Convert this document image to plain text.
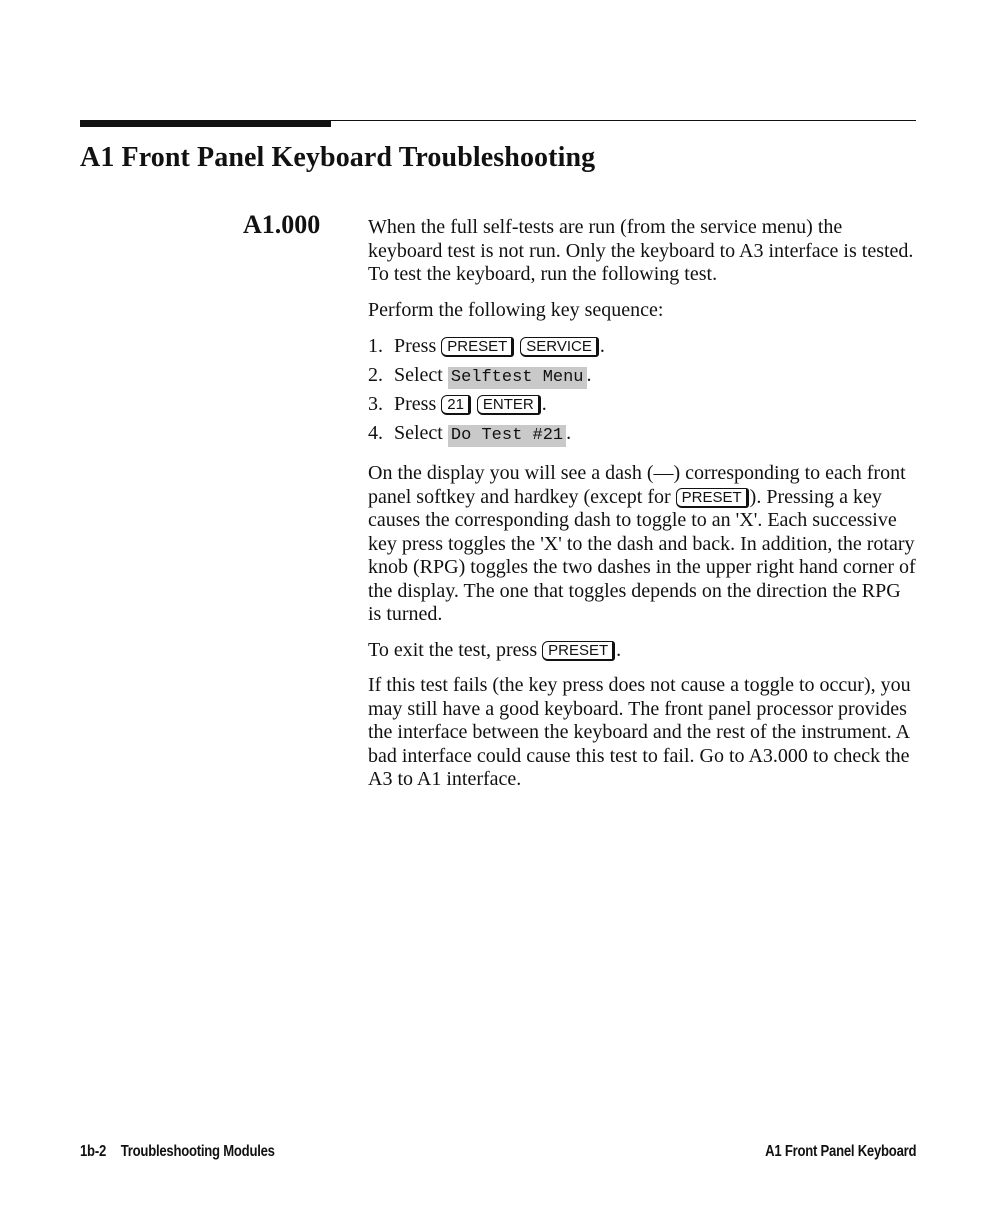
A1 Front Panel Keyboard Troubleshooting
A1.000 When the full self-tests are run (from the service menu) the keyboard test is not run. Only the keyboard to A3 interface is tested. To test the keyboard, run the following test.

Perform the following key sequence:

1. Press PRESET SERVICE .
2. Select Selftest Menu .
3. Press 21 ENTER .
4. Select Do Test #21 .

On the display you will see a dash (—) corresponding to each front panel softkey and hardkey (except for PRESET ). Pressing a key causes the corresponding dash to toggle to an 'X'. Each successive key press toggles the 'X' to the dash and back. In addition, the rotary knob (RPG) toggles the two dashes in the upper right hand corner of the display. The one that toggles depends on the direction the RPG is turned.

To exit the test, press PRESET .

If this test fails (the key press does not cause a toggle to occur), you may still have a good keyboard. The front panel processor provides the interface between the keyboard and the rest of the instrument. A bad interface could cause this test to fail. Go to A3.000 to check the A3 to A1 interface.

1b-2 Troubleshooting Modules	A1 Front Panel Keyboard
